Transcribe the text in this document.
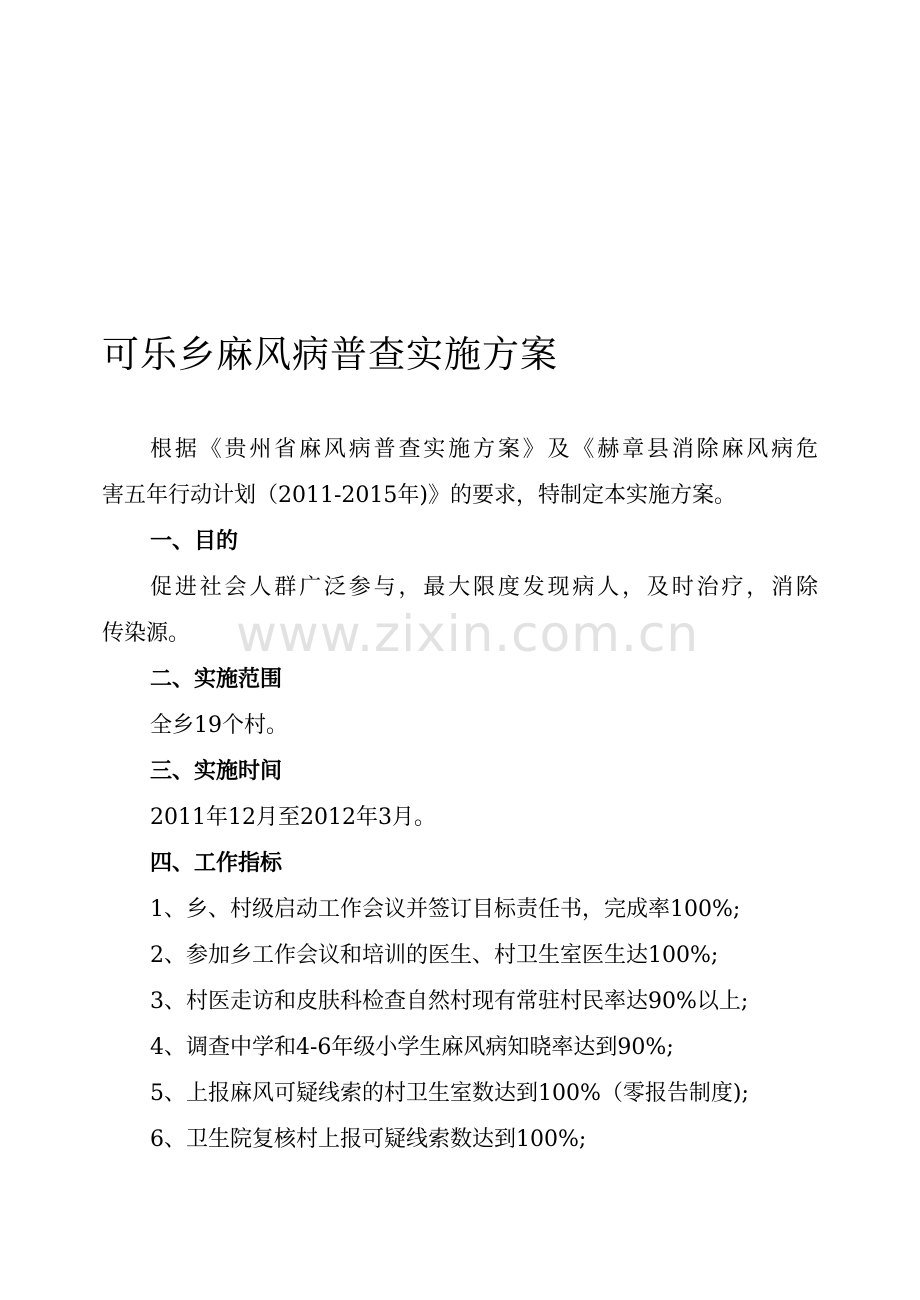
可乐乡麻风病普查实施方案
根据《贵州省麻风病普查实施方案》及《赫章县消除麻风病危
害五年行动计划（2011-2015年)》的要求，特制定本实施方案。
一、目的
促进社会人群广泛参与，最大限度发现病人，及时治疗，消除
传染源。
二、实施范围
全乡19个村。
三、实施时间
2011年12月至2012年3月。
四、工作指标
1、乡、村级启动工作会议并签订目标责任书，完成率100%;
2、参加乡工作会议和培训的医生、村卫生室医生达100%;
3、村医走访和皮肤科检查自然村现有常驻村民率达90%以上;
4、调查中学和4-6年级小学生麻风病知晓率达到90%;
5、上报麻风可疑线索的村卫生室数达到100%（零报告制度);
6、卫生院复核村上报可疑线索数达到100%;
www.zixin.com.cn
